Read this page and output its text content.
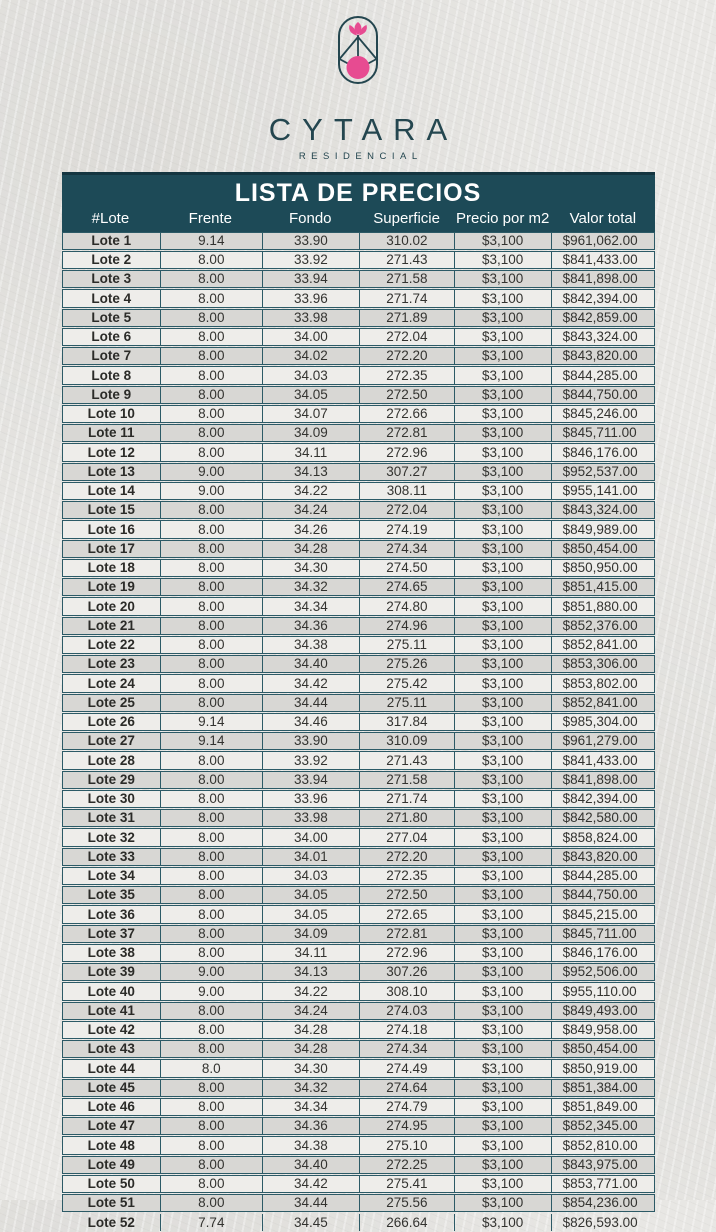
CYTARA
RESIDENCIAL
LISTA DE PRECIOS
#Lote	Frente	Fondo	Superficie	Precio por m2	Valor total
Lote 1	9.14	33.90	310.02	$3,100	$961,062.00
Lote 2	8.00	33.92	271.43	$3,100	$841,433.00
Lote 3	8.00	33.94	271.58	$3,100	$841,898.00
Lote 4	8.00	33.96	271.74	$3,100	$842,394.00
Lote 5	8.00	33.98	271.89	$3,100	$842,859.00
Lote 6	8.00	34.00	272.04	$3,100	$843,324.00
Lote 7	8.00	34.02	272.20	$3,100	$843,820.00
Lote 8	8.00	34.03	272.35	$3,100	$844,285.00
Lote 9	8.00	34.05	272.50	$3,100	$844,750.00
Lote 10	8.00	34.07	272.66	$3,100	$845,246.00
Lote 11	8.00	34.09	272.81	$3,100	$845,711.00
Lote 12	8.00	34.11	272.96	$3,100	$846,176.00
Lote 13	9.00	34.13	307.27	$3,100	$952,537.00
Lote 14	9.00	34.22	308.11	$3,100	$955,141.00
Lote 15	8.00	34.24	272.04	$3,100	$843,324.00
Lote 16	8.00	34.26	274.19	$3,100	$849,989.00
Lote 17	8.00	34.28	274.34	$3,100	$850,454.00
Lote 18	8.00	34.30	274.50	$3,100	$850,950.00
Lote 19	8.00	34.32	274.65	$3,100	$851,415.00
Lote 20	8.00	34.34	274.80	$3,100	$851,880.00
Lote 21	8.00	34.36	274.96	$3,100	$852,376.00
Lote 22	8.00	34.38	275.11	$3,100	$852,841.00
Lote 23	8.00	34.40	275.26	$3,100	$853,306.00
Lote 24	8.00	34.42	275.42	$3,100	$853,802.00
Lote 25	8.00	34.44	275.11	$3,100	$852,841.00
Lote 26	9.14	34.46	317.84	$3,100	$985,304.00
Lote 27	9.14	33.90	310.09	$3,100	$961,279.00
Lote 28	8.00	33.92	271.43	$3,100	$841,433.00
Lote 29	8.00	33.94	271.58	$3,100	$841,898.00
Lote 30	8.00	33.96	271.74	$3,100	$842,394.00
Lote 31	8.00	33.98	271.80	$3,100	$842,580.00
Lote 32	8.00	34.00	277.04	$3,100	$858,824.00
Lote 33	8.00	34.01	272.20	$3,100	$843,820.00
Lote 34	8.00	34.03	272.35	$3,100	$844,285.00
Lote 35	8.00	34.05	272.50	$3,100	$844,750.00
Lote 36	8.00	34.05	272.65	$3,100	$845,215.00
Lote 37	8.00	34.09	272.81	$3,100	$845,711.00
Lote 38	8.00	34.11	272.96	$3,100	$846,176.00
Lote 39	9.00	34.13	307.26	$3,100	$952,506.00
Lote 40	9.00	34.22	308.10	$3,100	$955,110.00
Lote 41	8.00	34.24	274.03	$3,100	$849,493.00
Lote 42	8.00	34.28	274.18	$3,100	$849,958.00
Lote 43	8.00	34.28	274.34	$3,100	$850,454.00
Lote 44	8.0	34.30	274.49	$3,100	$850,919.00
Lote 45	8.00	34.32	274.64	$3,100	$851,384.00
Lote 46	8.00	34.34	274.79	$3,100	$851,849.00
Lote 47	8.00	34.36	274.95	$3,100	$852,345.00
Lote 48	8.00	34.38	275.10	$3,100	$852,810.00
Lote 49	8.00	34.40	272.25	$3,100	$843,975.00
Lote 50	8.00	34.42	275.41	$3,100	$853,771.00
Lote 51	8.00	34.44	275.56	$3,100	$854,236.00
Lote 52	7.74	34.45	266.64	$3,100	$826,593.00
